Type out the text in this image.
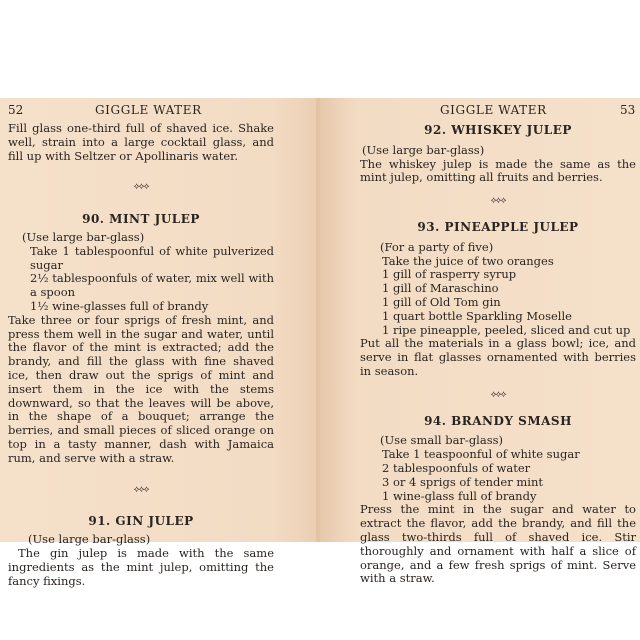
52	GIGGLE WATER

Fill glass one-third full of shaved ice. Shake well, strain into a large cocktail glass, and fill up with Seltzer or Apollinaris water.

⟡⟡⟡

90. MINT JULEP

(Use large bar-glass)

Take 1 tablespoonful of white pulverized sugar

2½ tablespoonfuls of water, mix well with a spoon

1½ wine-glasses full of brandy

Take three or four sprigs of fresh mint, and press them well in the sugar and water, until the flavor of the mint is extracted; add the brandy, and fill the glass with fine shaved ice, then draw out the sprigs of mint and insert them in the ice with the stems downward, so that the leaves will be above, in the shape of a bouquet; arrange the berries, and small pieces of sliced orange on top in a tasty manner, dash with Jamaica rum, and serve with a straw.

⟡⟡⟡

91. GIN JULEP

(Use large bar-glass)

The gin julep is made with the same ingredients as the mint julep, omitting the fancy fixings.

GIGGLE WATER	53

92. WHISKEY JULEP

(Use large bar-glass)

The whiskey julep is made the same as the mint julep, omitting all fruits and berries.

⟡⟡⟡

93. PINEAPPLE JULEP

(For a party of five)

Take the juice of two oranges

1 gill of rasperry syrup

1 gill of Maraschino

1 gill of Old Tom gin

1 quart bottle Sparkling Moselle

1 ripe pineapple, peeled, sliced and cut up

Put all the materials in a glass bowl; ice, and serve in flat glasses ornamented with berries in season.

⟡⟡⟡

94. BRANDY SMASH

(Use small bar-glass)

Take 1 teaspoonful of white sugar

2 tablespoonfuls of water

3 or 4 sprigs of tender mint

1 wine-glass full of brandy

Press the mint in the sugar and water to extract the flavor, add the brandy, and fill the glass two-thirds full of shaved ice. Stir thoroughly and ornament with half a slice of orange, and a few fresh sprigs of mint. Serve with a straw.
